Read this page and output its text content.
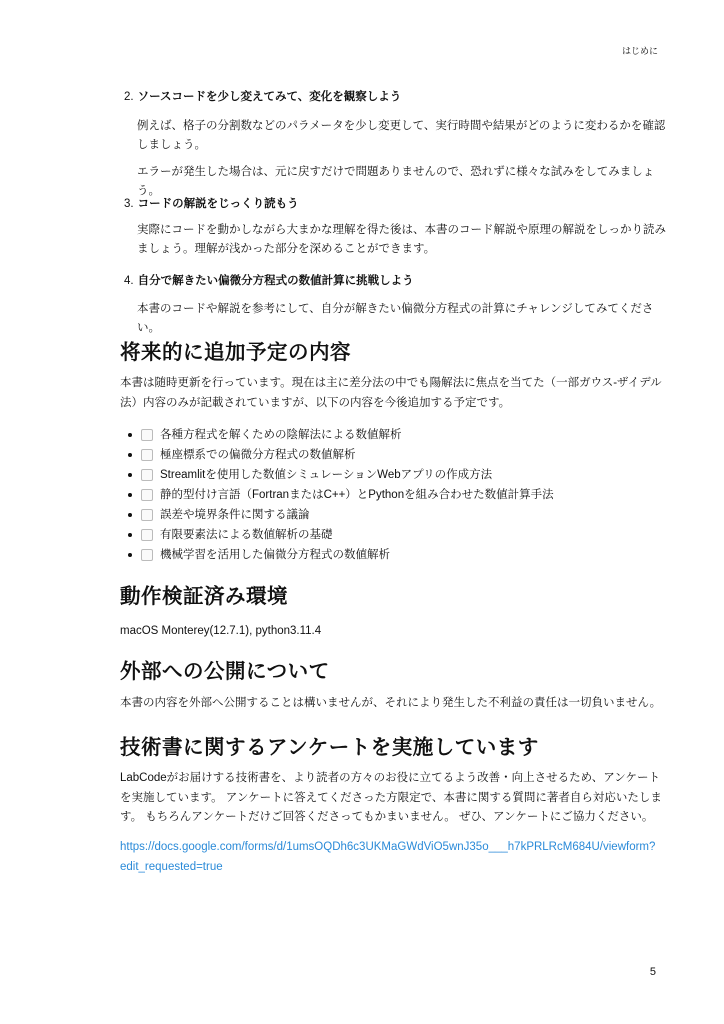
はじめに
2. ソースコードを少し変えてみて、変化を観察しよう
例えば、格子の分割数などのパラメータを少し変更して、実行時間や結果がどのように変わるかを確認しましょう。
エラーが発生した場合は、元に戻すだけで問題ありませんので、恐れずに様々な試みをしてみましょう。
3. コードの解説をじっくり読もう
実際にコードを動かしながら大まかな理解を得た後は、本書のコード解説や原理の解説をしっかり読みましょう。理解が浅かった部分を深めることができます。
4. 自分で解きたい偏微分方程式の数値計算に挑戦しよう
本書のコードや解説を参考にして、自分が解きたい偏微分方程式の計算にチャレンジしてみてください。
将来的に追加予定の内容
本書は随時更新を行っています。現在は主に差分法の中でも陽解法に焦点を当てた（一部ガウス-ザイデル法）内容のみが記載されていますが、以下の内容を今後追加する予定です。
各種方程式を解くための陰解法による数値解析
極座標系での偏微分方程式の数値解析
Streamlitを使用した数値シミュレーションWebアプリの作成方法
静的型付け言語（FortranまたはC++）とPythonを組み合わせた数値計算手法
誤差や境界条件に関する議論
有限要素法による数値解析の基礎
機械学習を活用した偏微分方程式の数値解析
動作検証済み環境
macOS Monterey(12.7.1), python3.11.4
外部への公開について
本書の内容を外部へ公開することは構いませんが、それにより発生した不利益の責任は一切負いません。
技術書に関するアンケートを実施しています
LabCodeがお届けする技術書を、より読者の方々のお役に立てるよう改善・向上させるため、アンケートを実施しています。 アンケートに答えてくださった方限定で、本書に関する質問に著者自ら対応いたします。 もちろんアンケートだけご回答くださってもかまいません。 ぜひ、アンケートにご協力ください。
https://docs.google.com/forms/d/1umsOQDh6c3UKMaGWdViO5wnJ35o___h7kPRLRcM684U/viewform?
edit_requested=true
5
